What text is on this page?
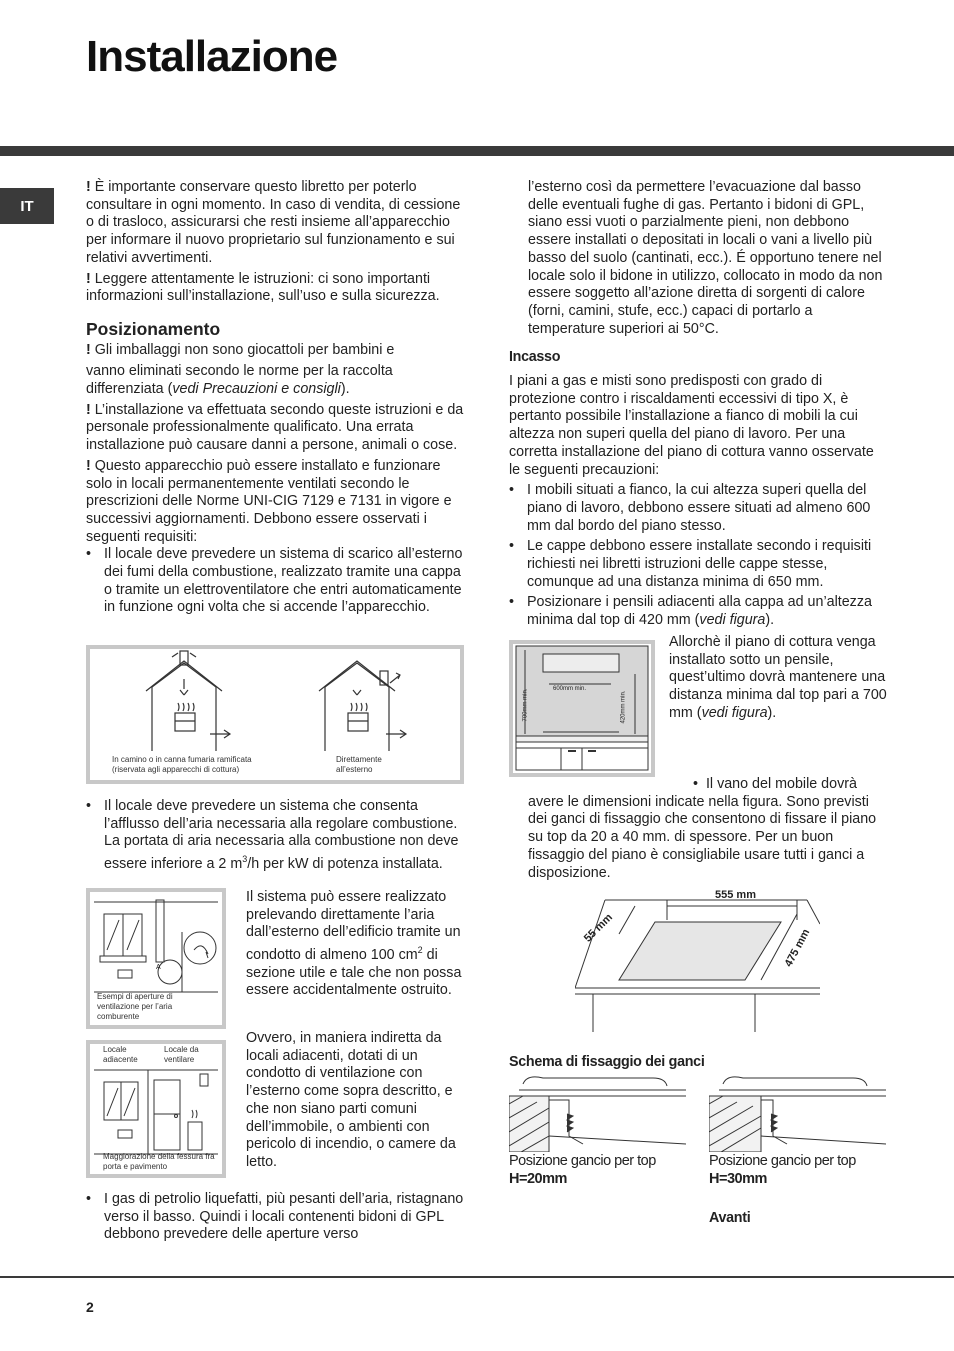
Installazione
IT

! È importante conservare questo libretto per poterlo consultare in ogni momento. In caso di vendita, di cessione o di trasloco, assicurarsi che resti insieme all’apparecchio per informare il nuovo proprietario sul funzionamento e sui relativi avvertimenti.

! Leggere attentamente le istruzioni: ci sono importanti informazioni sull’installazione, sull’uso e sulla sicurezza.

Posizionamento

! Gli imballaggi non sono giocattoli per bambini e

vanno eliminati secondo le norme per la raccolta differenziata (vedi Precauzioni e consigli).

! L’installazione va effettuata secondo queste istruzioni e da personale professionalmente qualificato. Una errata installazione può causare danni a persone, animali o cose.

! Questo apparecchio può essere installato e funzionare solo in locali permanentemente ventilati secondo le prescrizioni delle Norme UNI-CIG 7129 e 7131 in vigore e successivi aggiornamenti. Debbono essere osservati i seguenti requisiti:

• Il locale deve prevedere un sistema di scarico all’esterno dei fumi della combustione, realizzato tramite una cappa o tramite un elettroventilatore che entri automaticamente in funzione ogni volta che si accende l’apparecchio.

In camino o in canna fumaria ramificata (riservata agli apparecchi di cottura)
Direttamente all’esterno

• Il locale deve prevedere un sistema che consenta l’afflusso dell’aria necessaria alla regolare combustione. La portata di aria necessaria alla combustione non deve essere inferiore a 2 $m^3/h$ per kW di potenza installata.

A
Esempi di aperture di ventilazione per l’aria comburente

Il sistema può essere realizzato prelevando direttamente l’aria dall’esterno dell’edificio tramite un condotto di almeno 100 $cm^2$ di sezione utile e tale che non possa essere accidentalmente ostruito.

Locale adiacente
Locale da ventilare
Maggiorazione della fessura fra porta e pavimento
Ovvero, in maniera indiretta da locali adiacenti, dotati di un condotto di ventilazione con l’esterno come sopra descritto, e che non siano parti comuni dell’immobile, o ambienti con pericolo di incendio, o camere da letto.

• I gas di petrolio liquefatti, più pesanti dell’aria, ristagnano verso il basso. Quindi i locali contenenti bidoni di GPL debbono prevedere delle aperture verso

l’esterno così da permettere l’evacuazione dal basso delle eventuali fughe di gas. Pertanto i bidoni di GPL, siano essi vuoti o parzialmente pieni, non debbono essere installati o depositati in locali o vani a livello più basso del suolo (cantinati, ecc.). É opportuno tenere nel locale solo il bidone in utilizzo, collocato in modo da non essere soggetto all’azione diretta di sorgenti di calore (forni, camini, stufe, ecc.) capaci di portarlo a temperature superiori ai 50°C.

Incasso

I piani a gas e misti sono predisposti con grado di protezione contro i riscaldamenti eccessivi di tipo X, è pertanto possibile l’installazione a fianco di mobili la cui altezza non superi quella del piano di lavoro. Per una corretta installazione del piano di cottura vanno osservate le seguenti precauzioni:

• I mobili situati a fianco, la cui altezza superi quella del piano di lavoro, debbono essere situati ad almeno 600 mm dal bordo del piano stesso.

• Le cappe debbono essere installate secondo i requisiti richiesti nei libretti istruzioni delle cappe stesse, comunque ad una distanza minima di 650 mm.

• Posizionare i pensili adiacenti alla cappa ad un’altezza minima dal top di 420 mm (vedi figura).

600mm min.
700mm min.	420mm min.

Allorchè il piano di cottura venga installato sotto un pensile, quest’ultimo dovrà mantenere una distanza minima dal top pari a 700 mm (vedi figura).

•  Il vano del mobile dovrà avere le dimensioni indicate nella figura. Sono previsti dei ganci di fissaggio che consentono di fissare il piano su top da 20 a 40 mm. di spessore. Per un buon fissaggio del piano è consigliabile usare tutti i ganci a disposizione.

555 mm
55 mm	475 mm
Schema di fissaggio dei ganci
Posizione gancio per top H=20mm
Posizione gancio per top H=30mm
Avanti
2
